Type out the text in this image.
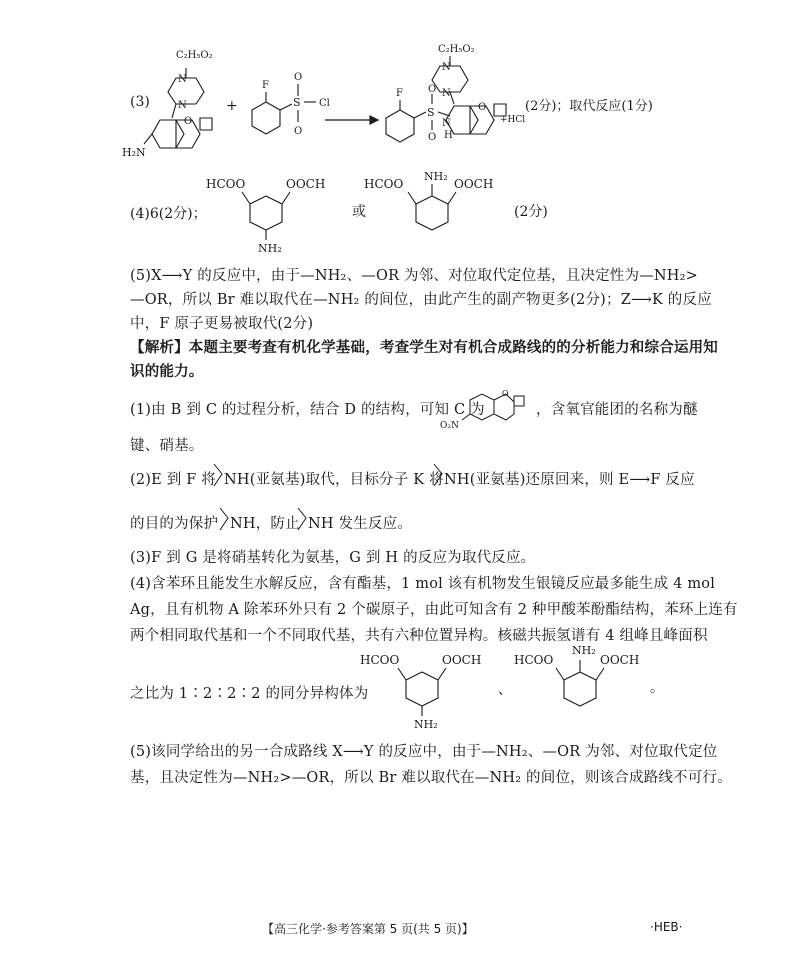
(3)
C₂H₅O₂
O
N
N
H₂N
+
F
S
O
O
Cl
C₂H₅O₂
N
N
O
F
S
O
O
N
H
+HCl
(2分)；取代反应(1分)
(4)6(2分)；
HCOO	OOCH
NH₂
或
HCOO
NH₂
OOCH
(2分)
(5)X⟶Y 的反应中，由于—NH₂、—OR 为邻、对位取代定位基，且决定性为—NH₂>
—OR，所以 Br 难以取代在—NH₂ 的间位，由此产生的副产物更多(2分)；Z⟶K 的反应
中，F 原子更易被取代(2分)
【解析】本题主要考查有机化学基础，考查学生对有机合成路线的的分析能力和综合运用知
识的能力。
(1)由 B 到 C 的过程分析，结合 D 的结构，可知 C 为
O
O₂N
，含氧官能团的名称为醚
键、硝基。
(2)E 到 F 将 NH(亚氨基)取代，目标分子 K 将 NH(亚氨基)还原回来，则 E⟶F 反应
的目的为保护 NH，防止 NH 发生反应。
(3)F 到 G 是将硝基转化为氨基，G 到 H 的反应为取代反应。
(4)含苯环且能发生水解反应，含有酯基，1 mol 该有机物发生银镜反应最多能生成 4 mol
Ag，且有机物 A 除苯环外只有 2 个碳原子，由此可知含有 2 种甲酸苯酚酯结构，苯环上连有
两个相同取代基和一个不同取代基，共有六种位置异构。核磁共振氢谱有 4 组峰且峰面积
之比为 1∶2∶2∶2 的同分异构体为
HCOO	OOCH
NH₂
、
HCOO
NH₂
OOCH
。
(5)该同学给出的另一合成路线 X⟶Y 的反应中，由于—NH₂、—OR 为邻、对位取代定位
基，且决定性为—NH₂>—OR，所以 Br 难以取代在—NH₂ 的间位，则该合成路线不可行。
【高三化学·参考答案第 5 页(共 5 页)】	·HEB·
